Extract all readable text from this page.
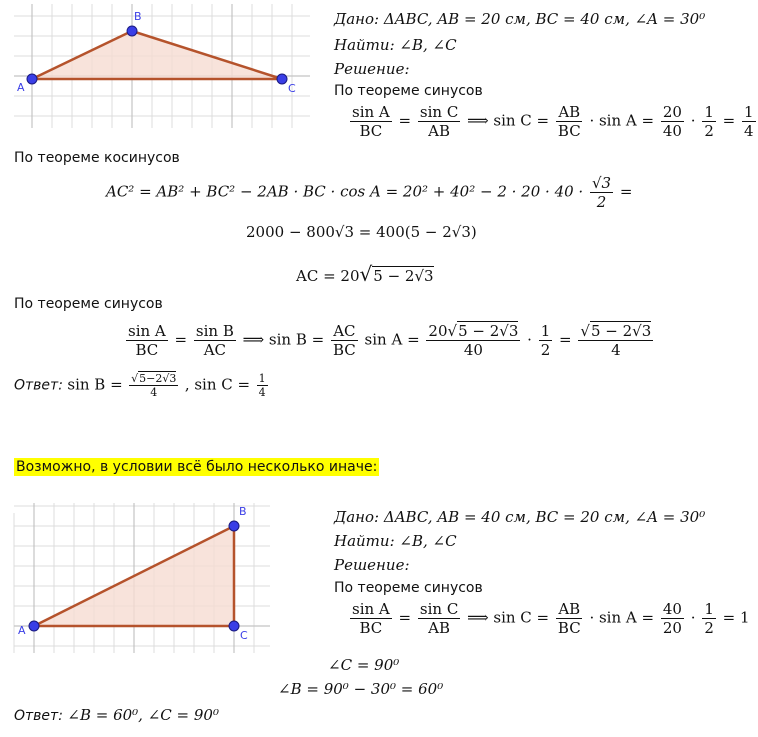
A
B
C
Дано: ΔABC, AB = 20 см, BC = 40 см, ∠A = 30⁰
Найти: ∠B, ∠C
Решение:
По теореме синусов
$\frac{\text{sin A}}{BC} = \frac{\text{sin C}}{AB}$ ⟹ $\sin C = \frac{AB}{BC} \cdot \sin A = \frac{20}{40} \cdot \frac{1}{2} = \frac{1}{4}$
По теореме косинусов
AC² = AB² + BC² − 2AB · BC · $\cos A = 20^2 + 40^2 - 2 \cdot 20 \cdot 40 \cdot \frac{√3}{2}$ =
2000 − 800√3 = 400(5 − 2√3)
AC = 20√5 − 2√3
По теореме синусов
$\frac{\text{sin A}}{BC} = \frac{\text{sin B}}{AC}$ ⟹ $\sin B = \frac{AC}{BC}$ $\sin A = \frac{20√5 - 2√3}{40} \cdot \frac{1}{2} = \frac{√5 - 2√3}{4}$
Ответ: $\sin B = \frac{√5-2√3}{4}$ , $\sin C = \frac{1}{4}$
Возможно, в условии всё было несколько иначе:
A
B
C
Дано: ΔABC, AB = 40 см, BC = 20 см, ∠A = 30⁰
Найти: ∠B, ∠C
Решение:
По теореме синусов
$\frac{\text{sin A}}{BC} = \frac{\text{sin C}}{AB}$ ⟹ $\sin C = \frac{AB}{BC} \cdot \sin A = \frac{40}{20} \cdot \frac{1}{2} = 1$
∠C = 90⁰
∠B = 90⁰ − 30⁰ = 60⁰
Ответ: ∠B = 60⁰, ∠C = 90⁰
